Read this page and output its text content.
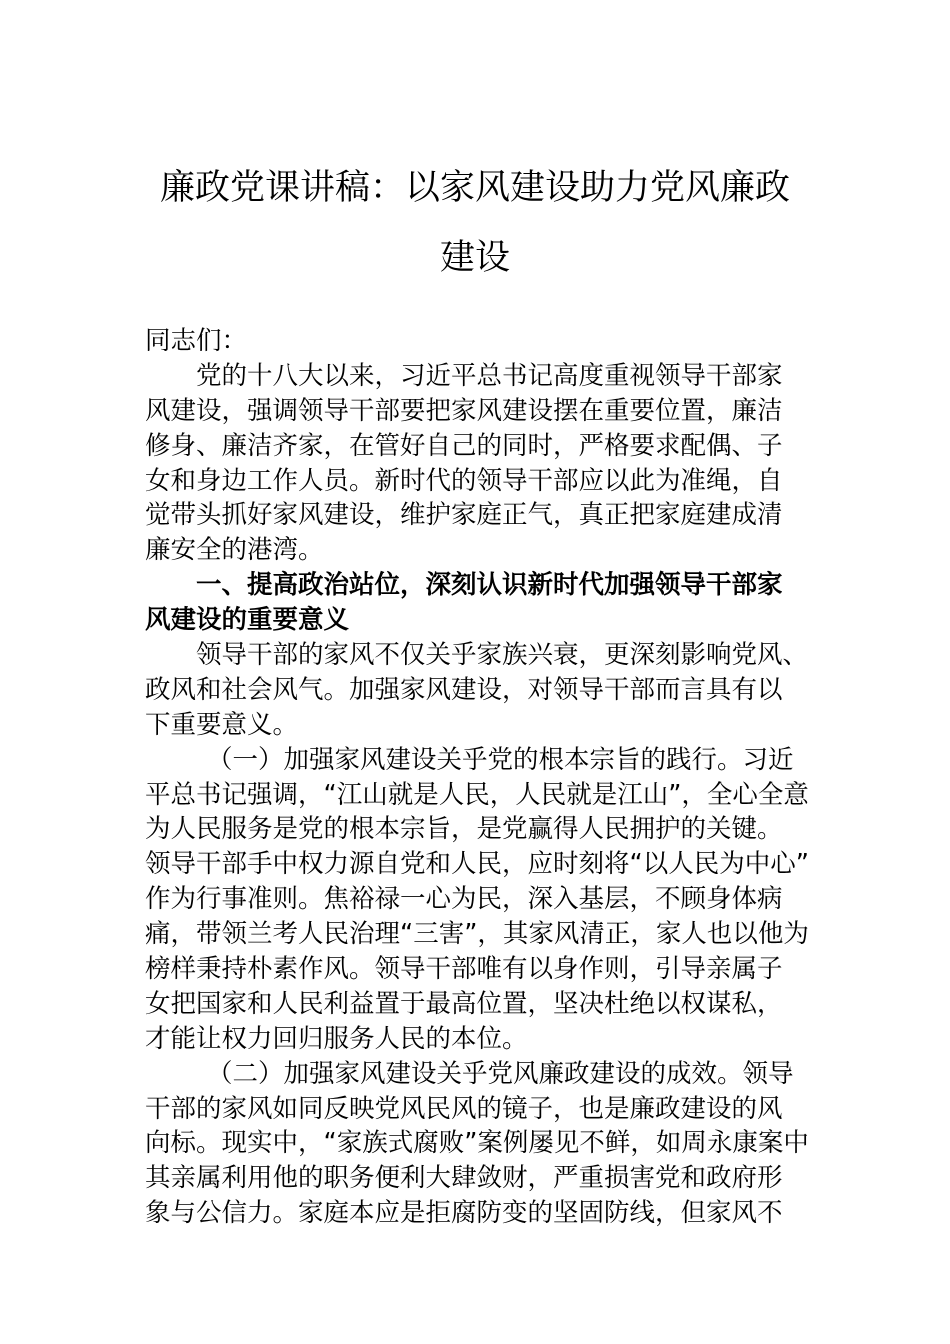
廉政党课讲稿：以家风建设助力党风廉政
建设
同志们：
党的十八大以来，习近平总书记高度重视领导干部家
风建设，强调领导干部要把家风建设摆在重要位置，廉洁
修身、廉洁齐家，在管好自己的同时，严格要求配偶、子
女和身边工作人员。新时代的领导干部应以此为准绳，自
觉带头抓好家风建设，维护家庭正气，真正把家庭建成清
廉安全的港湾。
一、提高政治站位，深刻认识新时代加强领导干部家
风建设的重要意义
领导干部的家风不仅关乎家族兴衰，更深刻影响党风、
政风和社会风气。加强家风建设，对领导干部而言具有以
下重要意义。
（一）加强家风建设关乎党的根本宗旨的践行。习近
平总书记强调，“江山就是人民，人民就是江山”，全心全意
为人民服务是党的根本宗旨，是党赢得人民拥护的关键。
领导干部手中权力源自党和人民，应时刻将“以人民为中心”
作为行事准则。焦裕禄一心为民，深入基层，不顾身体病
痛，带领兰考人民治理“三害”，其家风清正，家人也以他为
榜样秉持朴素作风。领导干部唯有以身作则，引导亲属子
女把国家和人民利益置于最高位置，坚决杜绝以权谋私，
才能让权力回归服务人民的本位。
（二）加强家风建设关乎党风廉政建设的成效。领导
干部的家风如同反映党风民风的镜子，也是廉政建设的风
向标。现实中，“家族式腐败”案例屡见不鲜，如周永康案中
其亲属利用他的职务便利大肆敛财，严重损害党和政府形
象与公信力。家庭本应是拒腐防变的坚固防线，但家风不
